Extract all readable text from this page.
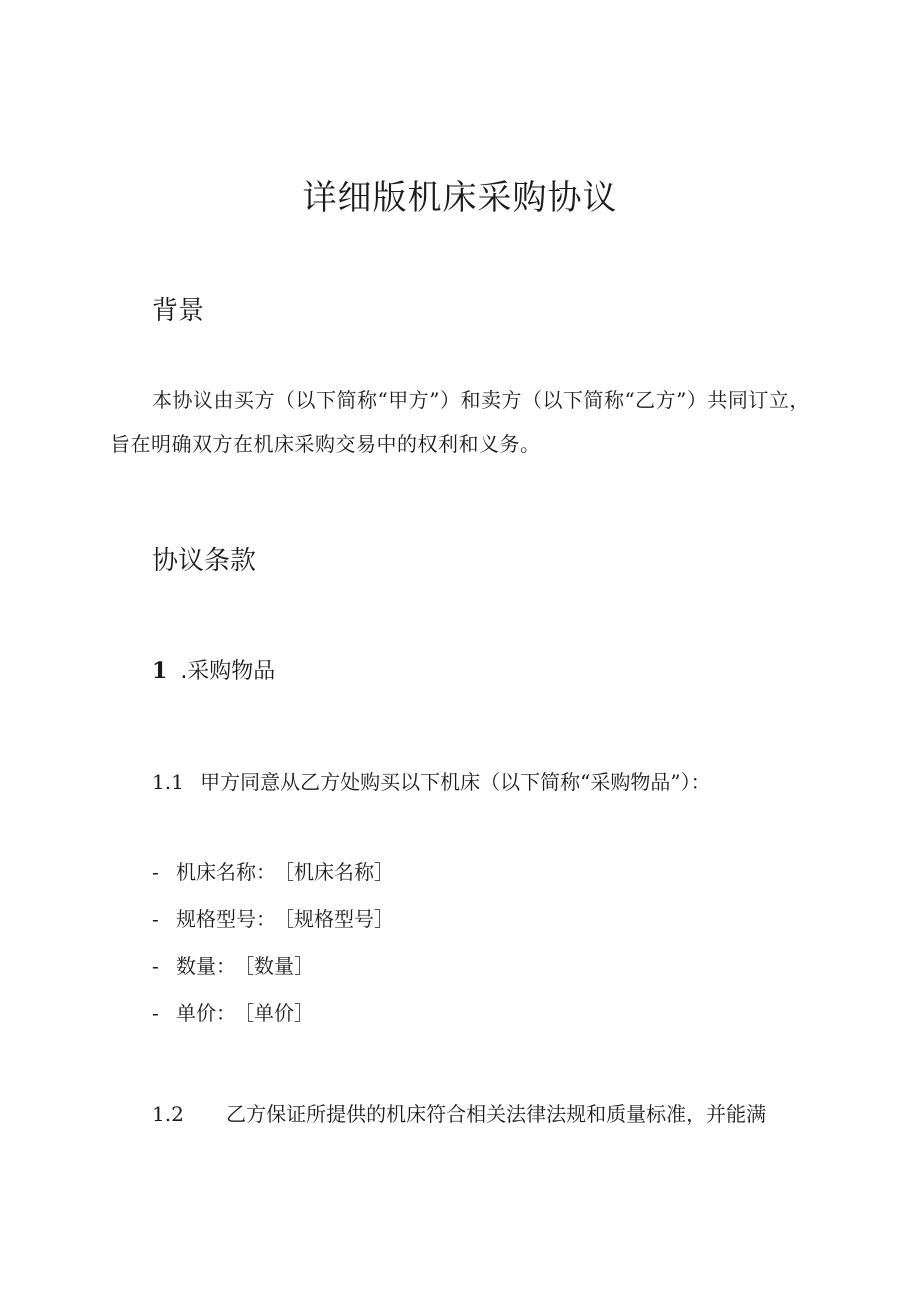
详细版机床采购协议
背景
本协议由买方（以下简称“甲方”）和卖方（以下简称“乙方”）共同订立，旨在明确双方在机床采购交易中的权利和义务。
协议条款
1 .采购物品
1.1 甲方同意从乙方处购买以下机床（以下简称“采购物品”）：
- 机床名称： ［机床名称］
- 规格型号： ［规格型号］
- 数量： ［数量］
- 单价： ［单价］
1.2 乙方保证所提供的机床符合相关法律法规和质量标准，并能满
